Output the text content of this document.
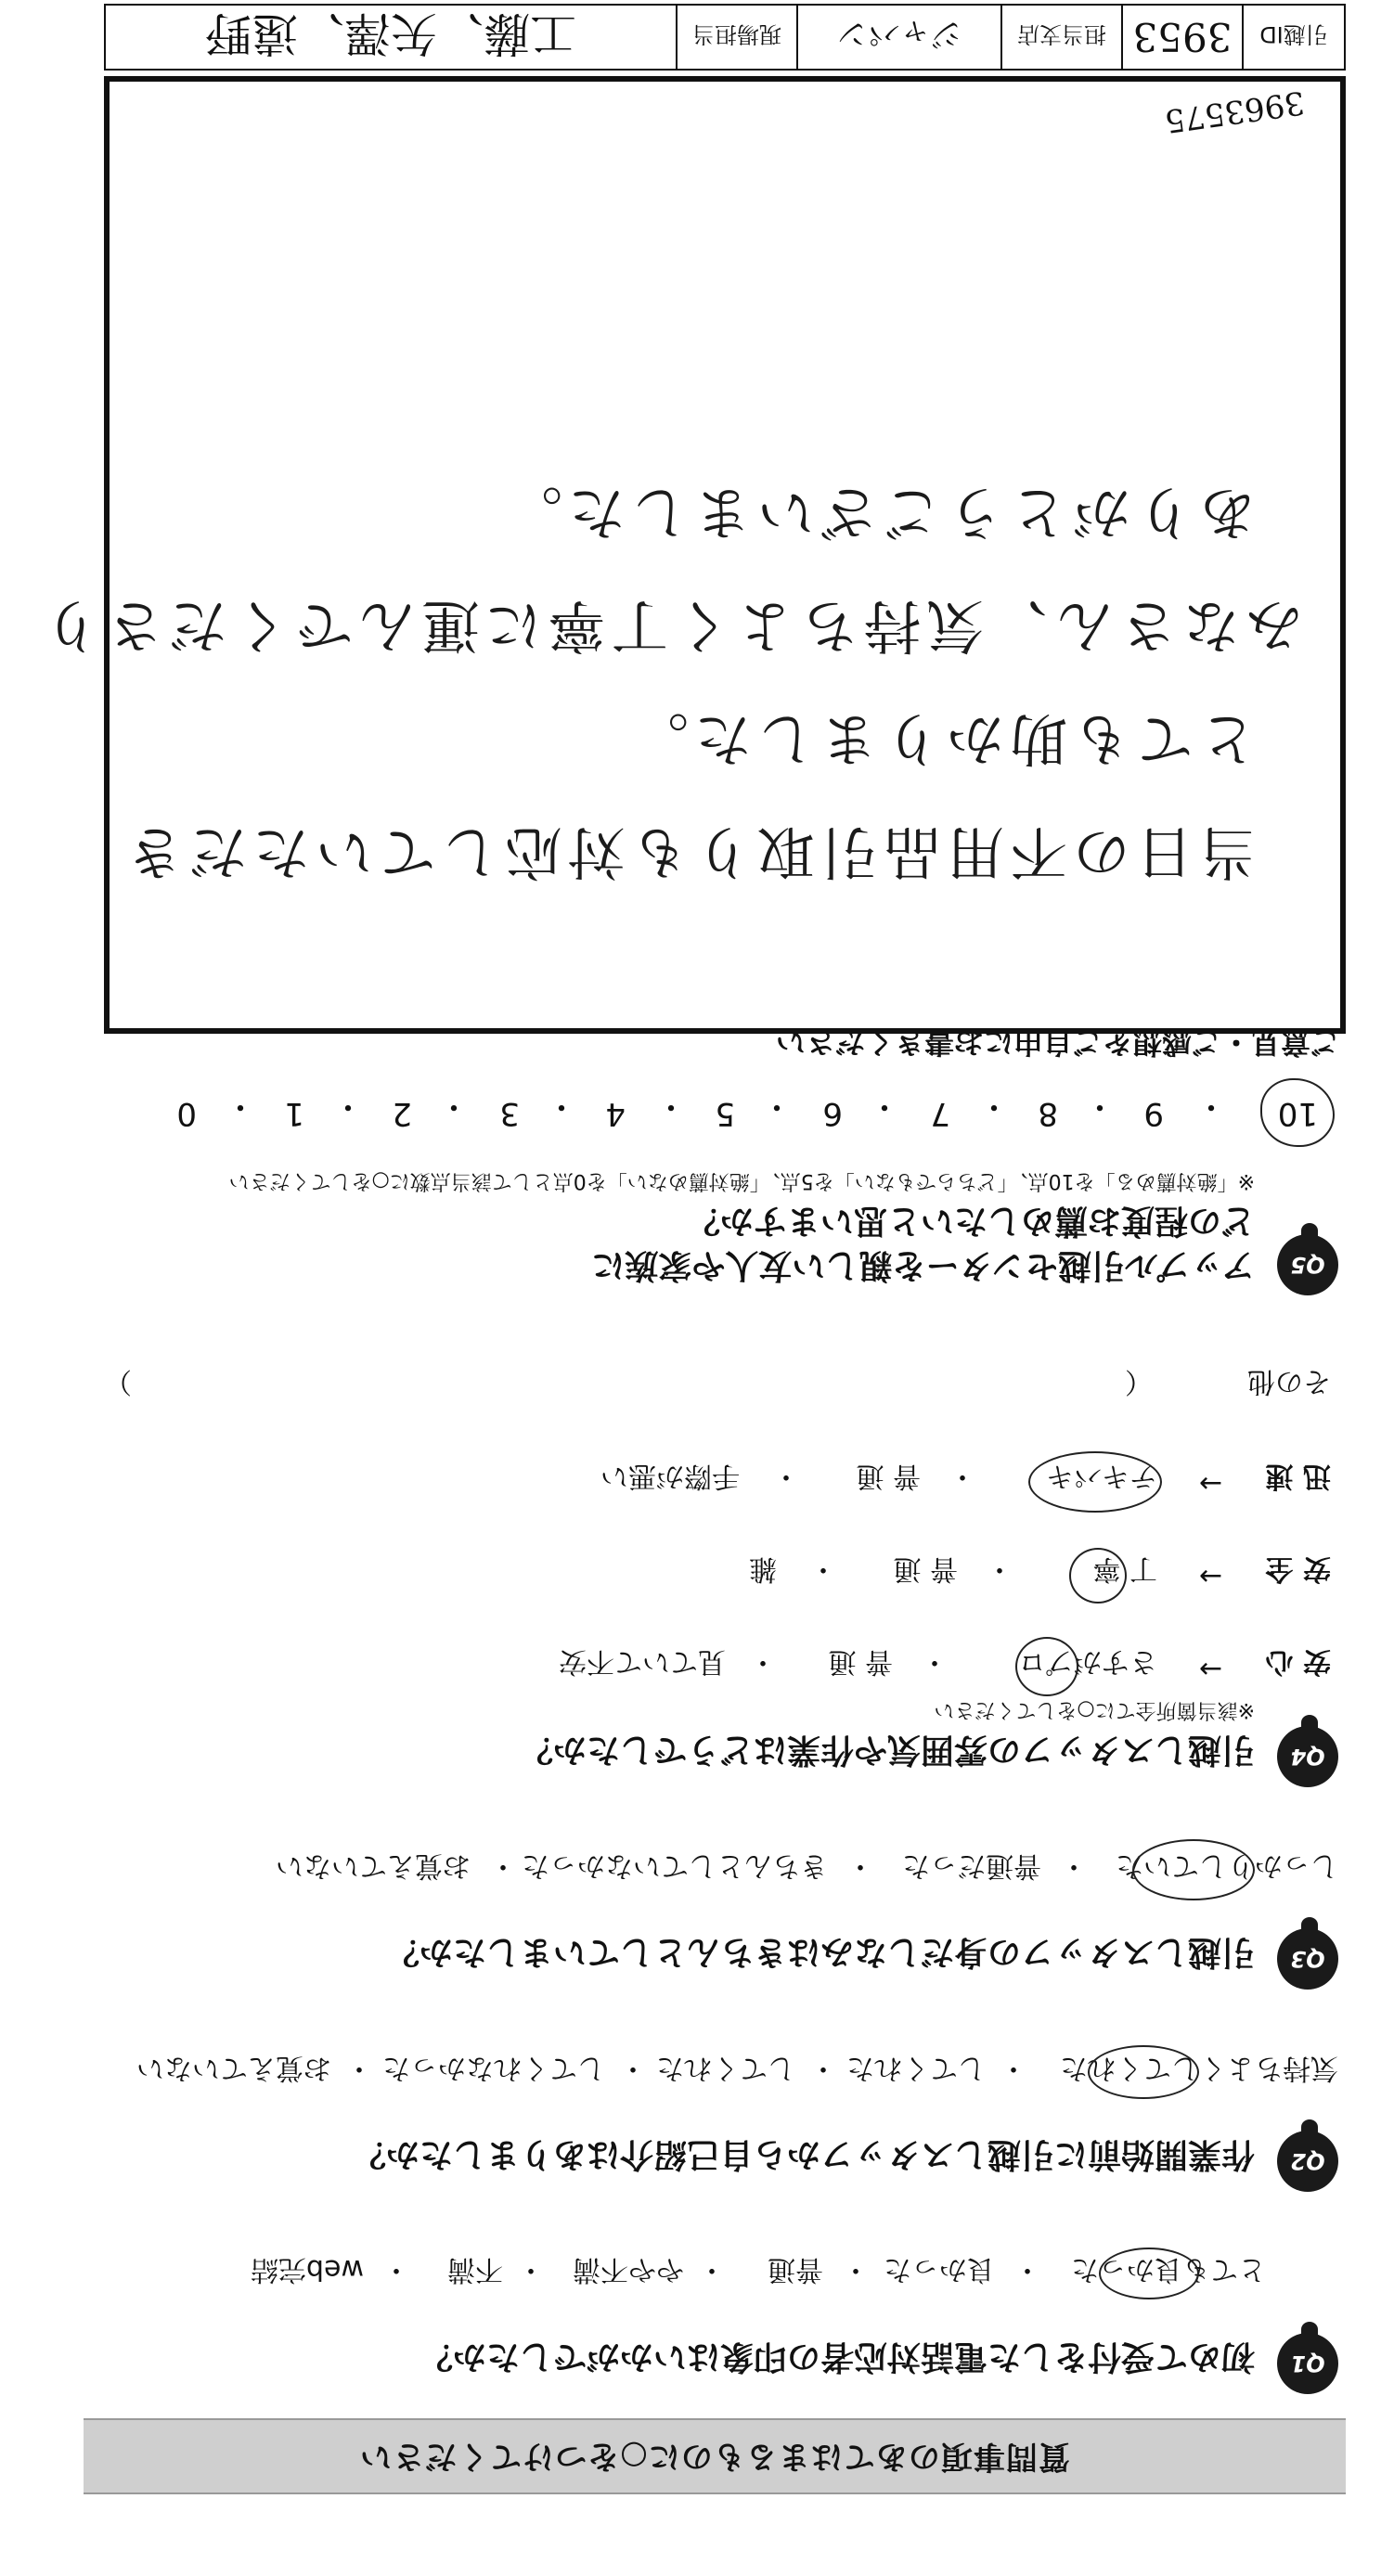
質問事項のあてはまるものに○をつけてください
Q1
初めて受付をした電話対応者の印象はいかがでしたか？
とても良かった
・
良かった
・
普通
・
やや不満
・
不満
・
web完結
Q2
作業開始前に引越しスタッフから自己紹介はありましたか？
気持ちよくしてくれた
・
してくれた
・
してくれた
・
してくれなかった
・
お覚えていない
Q3
引越しスタッフの身だしなみはきちんとしていましたか？
しっかりしていた
・
普通だった
・
きちんとしていなかった
・
お覚えていない
Q4
引越しスタッフの雰囲気や作業はどうでしたか？
※該当箇所全てに○をしてください
安 心
→
さすがプロ
・
普 通
・
見ていて不安
安 全
→
丁 寧
・
普 通
・
雑
迅 速
→
テキパキ
・
普 通
・
手際が悪い
その他
（
）
Q5
アップル引越センターを親しい友人や家族に
どの程度お薦めしたいと思いますか？
※「絶対薦める」を10点、「どちらでもない」を5点、「絶対薦めない」を0点として該当点数に○をしてください
10
・
9
・
8
・
7
・
6
・
5
・
4
・
3
・
2
・
1
・
0
ご意見・ご感想をご自由にお書きください
当日の不用品引取りも対応していただき
とても助かりました。
みなさん、気持ちよく丁寧に運んでくださり
ありがとうございました。
3963575
引越ID
3953
担当支店
ジャパン
現場担当
工藤、矢澤、遠野
